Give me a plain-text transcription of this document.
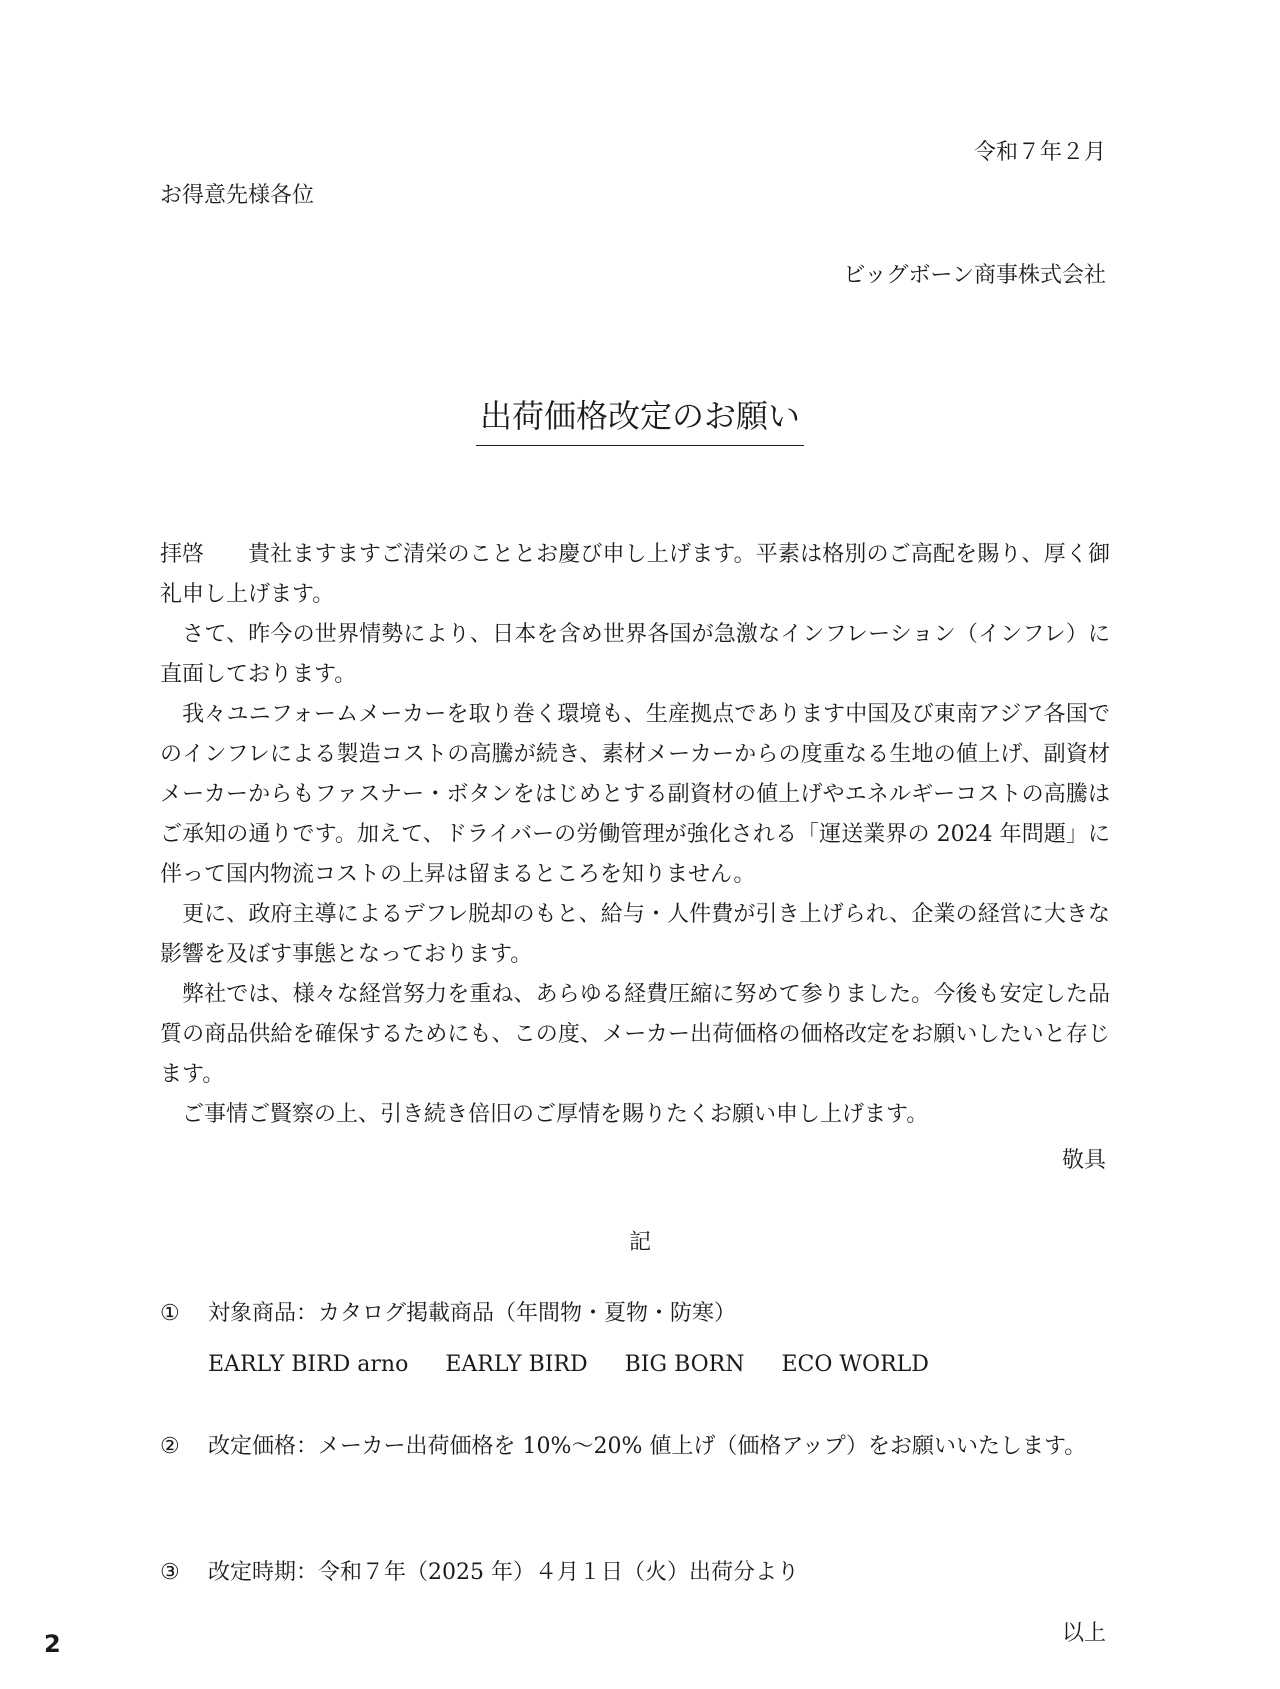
令和７年２月
お得意先様各位
ビッグボーン商事株式会社
出荷価格改定のお願い

拝啓 貴社ますますご清栄のこととお慶び申し上げます。平素は格別のご高配を賜り、厚く御礼申し上げます。

さて、昨今の世界情勢により、日本を含め世界各国が急激なインフレーション（インフレ）に直面しております。

我々ユニフォームメーカーを取り巻く環境も、生産拠点であります中国及び東南アジア各国でのインフレによる製造コストの高騰が続き、素材メーカーからの度重なる生地の値上げ、副資材メーカーからもファスナー・ボタンをはじめとする副資材の値上げやエネルギーコストの高騰はご承知の通りです。加えて、ドライバーの労働管理が強化される「運送業界の 2024 年問題」に伴って国内物流コストの上昇は留まるところを知りません。

更に、政府主導によるデフレ脱却のもと、給与・人件費が引き上げられ、企業の経営に大きな影響を及ぼす事態となっております。

弊社では、様々な経営努力を重ね、あらゆる経費圧縮に努めて参りました。今後も安定した品質の商品供給を確保するためにも、この度、メーカー出荷価格の価格改定をお願いしたいと存じます。

ご事情ご賢察の上、引き続き倍旧のご厚情を賜りたくお願い申し上げます。

敬具
記
① 対象商品：カタログ掲載商品（年間物・夏物・防寒）
EARLY BIRD arno EARLY BIRD BIG BORN ECO WORLD
② 改定価格：メーカー出荷価格を 10%～20% 値上げ（価格アップ）をお願いいたします。
③ 改定時期：令和７年（2025 年）４月１日（火）出荷分より
以上
2
